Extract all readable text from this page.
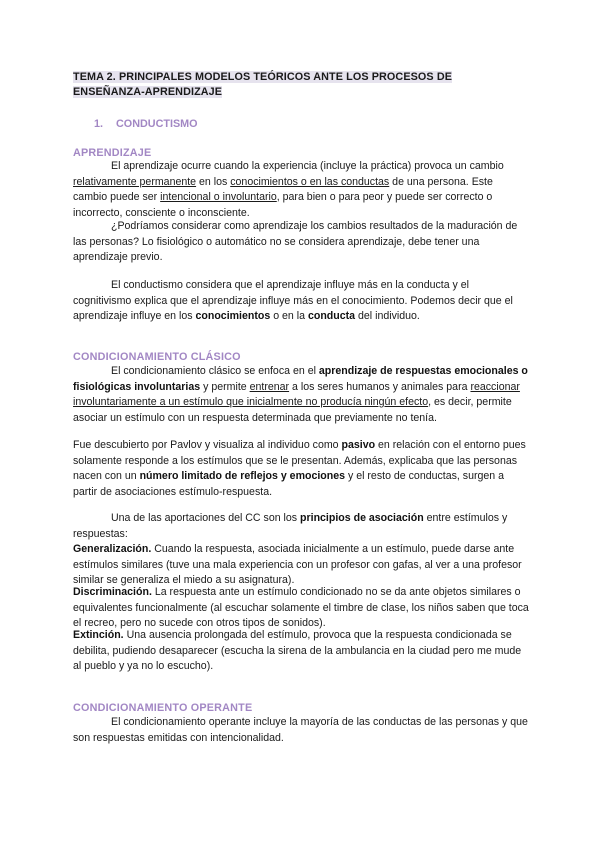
TEMA 2. PRINCIPALES MODELOS TEÓRICOS ANTE LOS PROCESOS DE
ENSEÑANZA-APRENDIZAJE
1. CONDUCTISMO
APRENDIZAJE
El aprendizaje ocurre cuando la experiencia (incluye la práctica) provoca un cambio relativamente permanente en los conocimientos o en las conductas de una persona. Este cambio puede ser intencional o involuntario, para bien o para peor y puede ser correcto o incorrecto, consciente o inconsciente.
¿Podríamos considerar como aprendizaje los cambios resultados de la maduración de las personas? Lo fisiológico o automático no se considera aprendizaje, debe tener una aprendizaje previo.
El conductismo considera que el aprendizaje influye más en la conducta y el cognitivismo explica que el aprendizaje influye más en el conocimiento. Podemos decir que el aprendizaje influye en los conocimientos o en la conducta del individuo.
CONDICIONAMIENTO CLÁSICO
El condicionamiento clásico se enfoca en el aprendizaje de respuestas emocionales o fisiológicas involuntarias y permite entrenar a los seres humanos y animales para reaccionar involuntariamente a un estímulo que inicialmente no producía ningún efecto, es decir, permite asociar un estímulo con un respuesta determinada que previamente no tenía.
Fue descubierto por Pavlov y visualiza al individuo como pasivo en relación con el entorno pues solamente responde a los estímulos que se le presentan. Además, explicaba que las personas nacen con un número limitado de reflejos y emociones y el resto de conductas, surgen a partir de asociaciones estímulo-respuesta.
Una de las aportaciones del CC son los principios de asociación entre estímulos y respuestas:
Generalización. Cuando la respuesta, asociada inicialmente a un estímulo, puede darse ante estímulos similares (tuve una mala experiencia con un profesor con gafas, al ver a una profesor similar se generaliza el miedo a su asignatura).
Discriminación. La respuesta ante un estímulo condicionado no se da ante objetos similares o equivalentes funcionalmente (al escuchar solamente el timbre de clase, los niños saben que toca el recreo, pero no sucede con otros tipos de sonidos).
Extinción. Una ausencia prolongada del estímulo, provoca que la respuesta condicionada se debilita, pudiendo desaparecer (escucha la sirena de la ambulancia en la ciudad pero me mude al pueblo y ya no lo escucho).
CONDICIONAMIENTO OPERANTE
El condicionamiento operante incluye la mayoría de las conductas de las personas y que son respuestas emitidas con intencionalidad.
